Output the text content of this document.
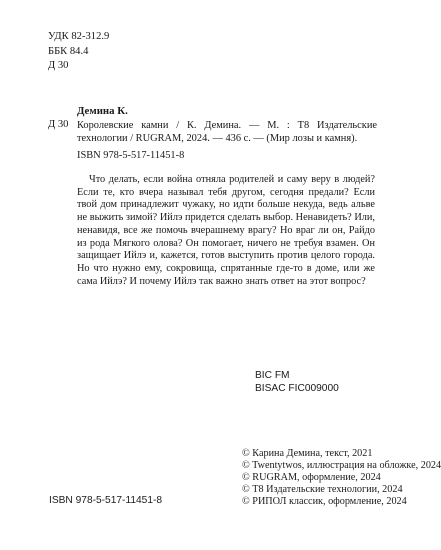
УДК 82-312.9
ББК 84.4
Д 30
Демина К.
Д 30 Королевские камни / К. Демина. — М. : Т8 Издательские технологии / RUGRAM, 2024. — 436 с. — (Мир лозы и камня).
ISBN 978-5-517-11451-8

Что делать, если война отняла родителей и саму веру в людей? Если те, кто вчера называл тебя другом, сегодня предали? Если твой дом принадлежит чужаку, но идти больше некуда, ведь альве не выжить зимой? Ийлэ придется сделать выбор. Ненавидеть? Или, ненавидя, все же помочь вчерашнему врагу? Но враг ли он, Райдо из рода Мягкого олова? Он помогает, ничего не требуя взамен. Он защищает Ийлэ и, кажется, готов выступить против целого города. Но что нужно ему, сокровища, спрятанные где-то в доме, или же сама Ийлэ? И почему Ийлэ так важно знать ответ на этот вопрос?

BIC FM
BISAC FIC009000
© Карина Демина, текст, 2021
© Twentytwos, иллюстрация на обложке, 2024
© RUGRAM, оформление, 2024
© Т8 Издательские технологии, 2024
© РИПОЛ классик, оформление, 2024
ISBN 978-5-517-11451-8
